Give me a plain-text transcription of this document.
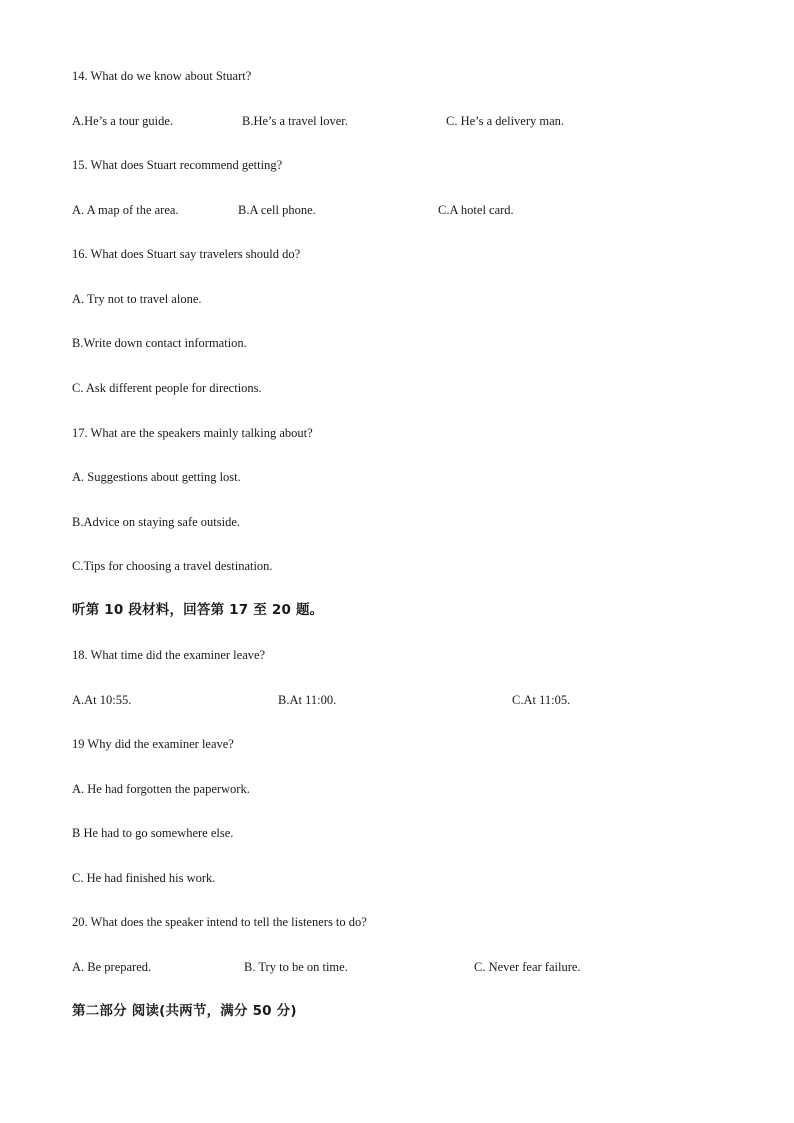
14. What do we know about Stuart?
A.He’s a tour guide.	B.He’s a travel lover.	C. He’s a delivery man.
15. What does Stuart recommend getting?
A. A map of the area.	B.A cell phone.	C.A hotel card.
16. What does Stuart say travelers should do?
A. Try not to travel alone.
B.Write down contact information.
C. Ask different people for directions.
17. What are the speakers mainly talking about?
A. Suggestions about getting lost.
B.Advice on staying safe outside.
C.Tips for choosing a travel destination.
听第 10 段材料，回答第 17 至 20 题。
18. What time did the examiner leave?
A.At 10:55.	B.At 11:00.	C.At 11:05.
19 Why did the examiner leave?
A. He had forgotten the paperwork.
B He had to go somewhere else.
C. He had finished his work.
20. What does the speaker intend to tell the listeners to do?
A. Be prepared.	B. Try to be on time.	C. Never fear failure.
第二部分 阅读(共两节，满分 50 分)
